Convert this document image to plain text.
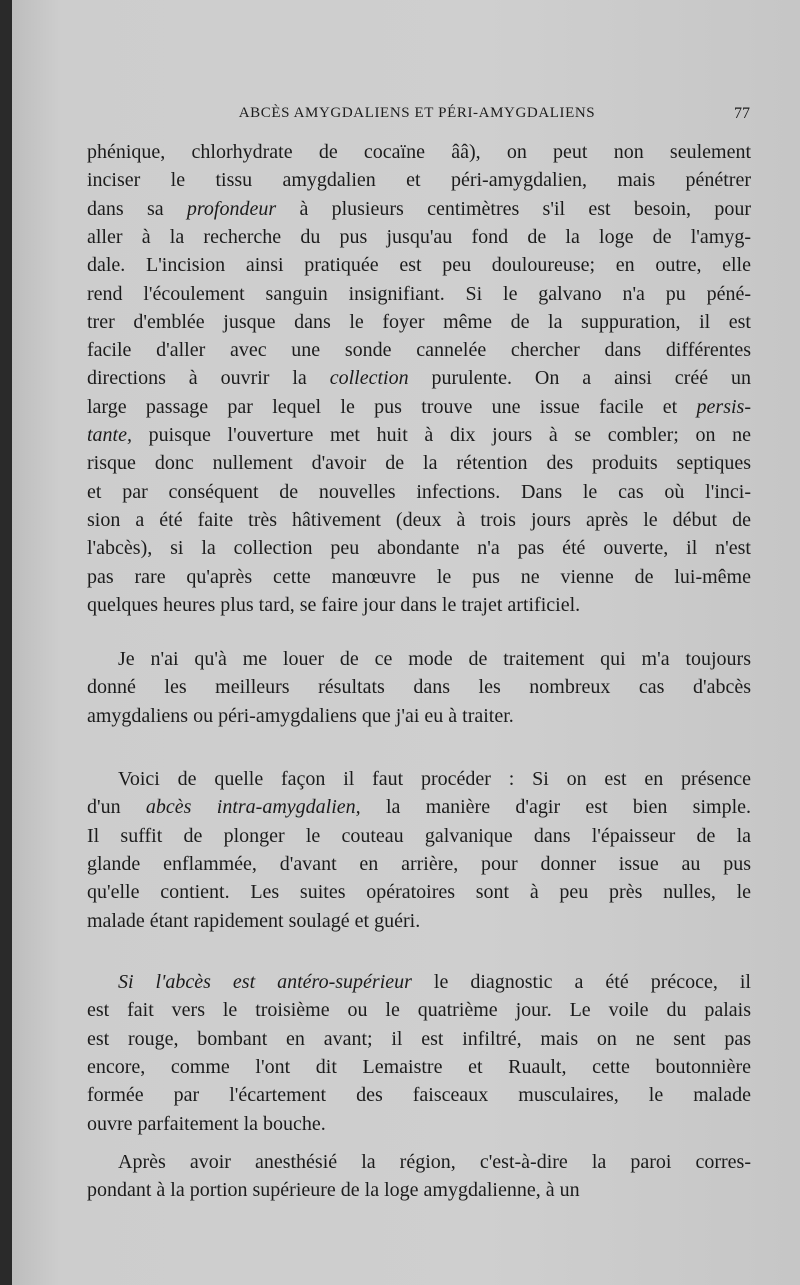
ABCÈS AMYGDALIENS ET PÉRI-AMYGDALIENS	77
phénique, chlorhydrate de cocaïne ââ), on peut non seulement
inciser le tissu amygdalien et péri-amygdalien, mais pénétrer
dans sa profondeur à plusieurs centimètres s'il est besoin, pour
aller à la recherche du pus jusqu'au fond de la loge de l'amyg-
dale. L'incision ainsi pratiquée est peu douloureuse; en outre, elle
rend l'écoulement sanguin insignifiant. Si le galvano n'a pu péné-
trer d'emblée jusque dans le foyer même de la suppuration, il est
facile d'aller avec une sonde cannelée chercher dans différentes
directions à ouvrir la collection purulente. On a ainsi créé un
large passage par lequel le pus trouve une issue facile et persis-
tante, puisque l'ouverture met huit à dix jours à se combler; on ne
risque donc nullement d'avoir de la rétention des produits septiques
et par conséquent de nouvelles infections. Dans le cas où l'inci-
sion a été faite très hâtivement (deux à trois jours après le début de
l'abcès), si la collection peu abondante n'a pas été ouverte, il n'est
pas rare qu'après cette manœuvre le pus ne vienne de lui-même
quelques heures plus tard, se faire jour dans le trajet artificiel.
Je n'ai qu'à me louer de ce mode de traitement qui m'a toujours
donné les meilleurs résultats dans les nombreux cas d'abcès
amygdaliens ou péri-amygdaliens que j'ai eu à traiter.
Voici de quelle façon il faut procéder : Si on est en présence
d'un abcès intra-amygdalien, la manière d'agir est bien simple.
Il suffit de plonger le couteau galvanique dans l'épaisseur de la
glande enflammée, d'avant en arrière, pour donner issue au pus
qu'elle contient. Les suites opératoires sont à peu près nulles, le
malade étant rapidement soulagé et guéri.
Si l'abcès est antéro-supérieur le diagnostic a été précoce, il
est fait vers le troisième ou le quatrième jour. Le voile du palais
est rouge, bombant en avant; il est infiltré, mais on ne sent pas
encore, comme l'ont dit Lemaistre et Ruault, cette boutonnière
formée par l'écartement des faisceaux musculaires, le malade
ouvre parfaitement la bouche.
Après avoir anesthésié la région, c'est-à-dire la paroi corres-
pondant à la portion supérieure de la loge amygdalienne, à un
